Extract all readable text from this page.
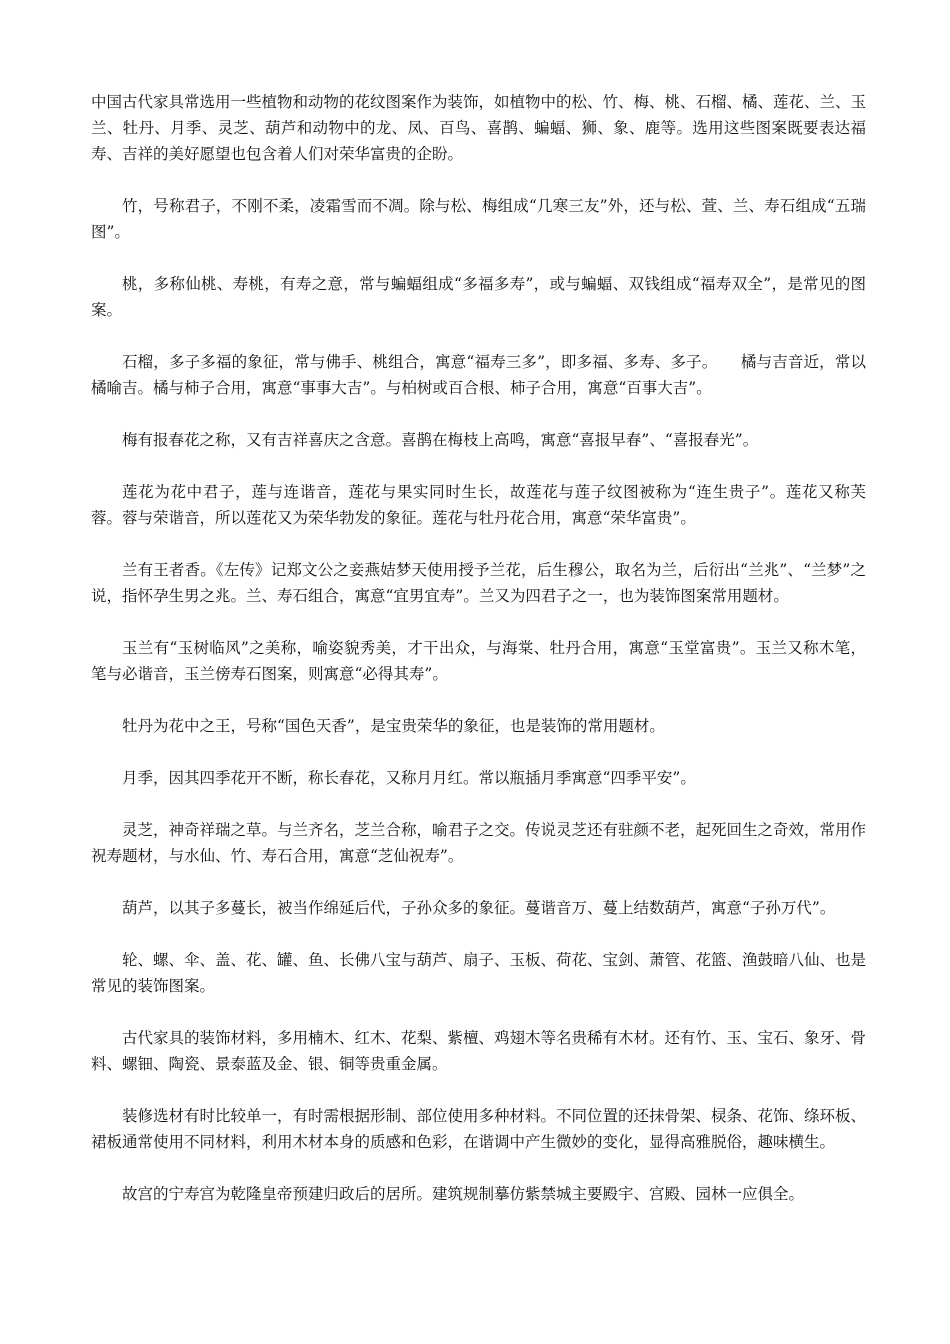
中国古代家具常选用一些植物和动物的花纹图案作为装饰，如植物中的松、竹、梅、桃、石榴、橘、莲花、兰、玉兰、牡丹、月季、灵芝、葫芦和动物中的龙、凤、百鸟、喜鹊、蝙蝠、狮、象、鹿等。选用这些图案既要表达福寿、吉祥的美好愿望也包含着人们对荣华富贵的企盼。

竹，号称君子，不刚不柔，凌霜雪而不凋。除与松、梅组成“几寒三友”外，还与松、萱、兰、寿石组成“五瑞图”。

桃，多称仙桃、寿桃，有寿之意，常与蝙蝠组成“多福多寿”，或与蝙蝠、双钱组成“福寿双全”，是常见的图案。

石榴，多子多福的象征，常与佛手、桃组合，寓意“福寿三多”，即多福、多寿、多子。　　橘与吉音近，常以橘喻吉。橘与柿子合用，寓意“事事大吉”。与柏树或百合根、柿子合用，寓意“百事大吉”。

梅有报春花之称，又有吉祥喜庆之含意。喜鹊在梅枝上高鸣，寓意“喜报早春”、“喜报春光”。

莲花为花中君子，莲与连谐音，莲花与果实同时生长，故莲花与莲子纹图被称为“连生贵子”。莲花又称芙蓉。蓉与荣谐音，所以莲花又为荣华勃发的象征。莲花与牡丹花合用，寓意“荣华富贵”。

兰有王者香。《左传》记郑文公之妾燕姞梦天使用授予兰花，后生穆公，取名为兰，后衍出“兰兆”、“兰梦”之说，指怀孕生男之兆。兰、寿石组合，寓意“宜男宜寿”。兰又为四君子之一，也为装饰图案常用题材。

玉兰有“玉树临风”之美称，喻姿貌秀美，才干出众，与海棠、牡丹合用，寓意“玉堂富贵”。玉兰又称木笔，笔与必谐音，玉兰傍寿石图案，则寓意“必得其寿”。

牡丹为花中之王，号称“国色天香”，是宝贵荣华的象征，也是装饰的常用题材。

月季，因其四季花开不断，称长春花，又称月月红。常以瓶插月季寓意“四季平安”。

灵芝，神奇祥瑞之草。与兰齐名，芝兰合称，喻君子之交。传说灵芝还有驻颜不老，起死回生之奇效，常用作祝寿题材，与水仙、竹、寿石合用，寓意“芝仙祝寿”。

葫芦，以其子多蔓长，被当作绵延后代，子孙众多的象征。蔓谐音万、蔓上结数葫芦，寓意“子孙万代”。

轮、螺、伞、盖、花、罐、鱼、长佛八宝与葫芦、扇子、玉板、荷花、宝剑、萧管、花篮、渔鼓暗八仙、也是常见的装饰图案。

古代家具的装饰材料，多用楠木、红木、花梨、紫檀、鸡翅木等名贵稀有木材。还有竹、玉、宝石、象牙、骨料、螺钿、陶瓷、景泰蓝及金、银、铜等贵重金属。

装修选材有时比较单一，有时需根据形制、部位使用多种材料。不同位置的还抹骨架、棂条、花饰、绦环板、裙板通常使用不同材料，利用木材本身的质感和色彩，在谐调中产生微妙的变化，显得高雅脱俗，趣味横生。

故宫的宁寿宫为乾隆皇帝预建归政后的居所。建筑规制摹仿紫禁城主要殿宇、宫殿、园林一应俱全。
